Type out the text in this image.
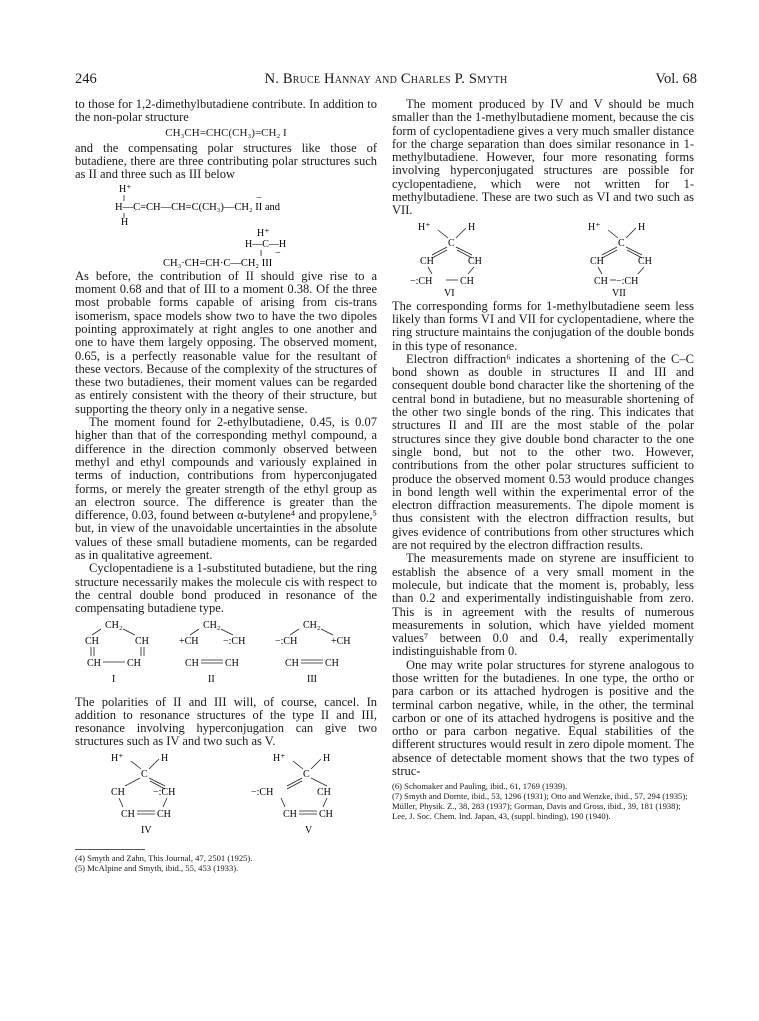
246	N. Bruce Hannay and Charles P. Smyth	Vol. 68

to those for 1,2-dimethylbutadiene contribute. In addition to the non-polar structure

CH₃CH=CHC(CH₃)=CH₂ I

and the compensating polar structures like those of butadiene, there are three contributing polar structures such as II and three such as III below

H⁺
−
H—C=CH—CH=C(CH₃)—CH₂ II and
H
H⁺
H—C—H
−
CH₃·CH=CH·C—CH₂ III

As before, the contribution of II should give rise to a moment 0.68 and that of III to a moment 0.38. Of the three most probable forms capable of arising from cis-trans isomerism, space models show two to have the two dipoles pointing approximately at right angles to one another and one to have them largely opposing. The observed moment, 0.65, is a perfectly reasonable value for the resultant of these vectors. Because of the complexity of the structures of these two butadienes, their moment values can be regarded as entirely consistent with the theory of their structure, but supporting the theory only in a negative sense.

The moment found for 2-ethylbutadiene, 0.45, is 0.07 higher than that of the corresponding methyl compound, a difference in the direction commonly observed between methyl and ethyl compounds and variously explained in terms of induction, contributions from hyperconjugated forms, or merely the greater strength of the ethyl group as an electron source. The difference is greater than the difference, 0.03, found between α-butylene⁴ and propylene,⁵ but, in view of the unavoidable uncertainties in the absolute values of these small butadiene moments, can be regarded as in qualitative agreement.

Cyclopentadiene is a 1-substituted butadiene, but the ring structure necessarily makes the molecule cis with respect to the central double bond produced in resonance of the compensating butadiene type.

CH₂
CH	CH
CH	CH
I
CH₂
+CH −:CH
CH	CH
II
CH₂
−:CH	+CH
CH	CH
III

The polarities of II and III will, of course, cancel. In addition to resonance structures of the type II and III, resonance involving hyperconjugation can give two structures such as IV and two such as V.

H⁺	H
C
CH	−:CH
CH CH
IV
H⁺	H
C
−:CH	CH
CH CH
V

(4) Smyth and Zahn, This Journal, 47, 2501 (1925).

(5) McAlpine and Smyth, ibid., 55, 453 (1933).

The moment produced by IV and V should be much smaller than the 1-methylbutadiene moment, because the cis form of cyclopentadiene gives a very much smaller distance for the charge separation than does similar resonance in 1-methylbutadiene. However, four more resonating forms involving hyperconjugated structures are possible for cyclopentadiene, which were not written for 1-methylbutadiene. These are two such as VI and two such as VII.

H⁺	H
C
CH	CH
−:CH	CH
VI
H⁺	H
C
CH	CH
CH −:CH
VII

The corresponding forms for 1-methylbutadiene seem less likely than forms VI and VII for cyclopentadiene, where the ring structure maintains the conjugation of the double bonds in this type of resonance.

Electron diffraction⁶ indicates a shortening of the C–C bond shown as double in structures II and III and consequent double bond character like the shortening of the central bond in butadiene, but no measurable shortening of the other two single bonds of the ring. This indicates that structures II and III are the most stable of the polar structures since they give double bond character to the one single bond, but not to the other two. However, contributions from the other polar structures sufficient to produce the observed moment 0.53 would produce changes in bond length well within the experimental error of the electron diffraction measurements. The dipole moment is thus consistent with the electron diffraction results, but gives evidence of contributions from other structures which are not required by the electron diffraction results.

The measurements made on styrene are insufficient to establish the absence of a very small moment in the molecule, but indicate that the moment is, probably, less than 0.2 and experimentally indistinguishable from zero. This is in agreement with the results of numerous measurements in solution, which have yielded moment values⁷ between 0.0 and 0.4, really experimentally indistinguishable from 0.

One may write polar structures for styrene analogous to those written for the butadienes. In one type, the ortho or para carbon or its attached hydrogen is positive and the terminal carbon negative, while, in the other, the terminal carbon or one of its attached hydrogens is positive and the ortho or para carbon negative. Equal stabilities of the different structures would result in zero dipole moment. The absence of detectable moment shows that the two types of struc-

(6) Schomaker and Pauling, ibid., 61, 1769 (1939).

(7) Smyth and Dornte, ibid., 53, 1296 (1931); Otto and Wenzke, ibid., 57, 294 (1935); Müller, Physik. Z., 38, 283 (1937); Gorman, Davis and Gross, ibid., 39, 181 (1938); Lee, J. Soc. Chem. Ind. Japan, 43, (suppl. binding), 190 (1940).
